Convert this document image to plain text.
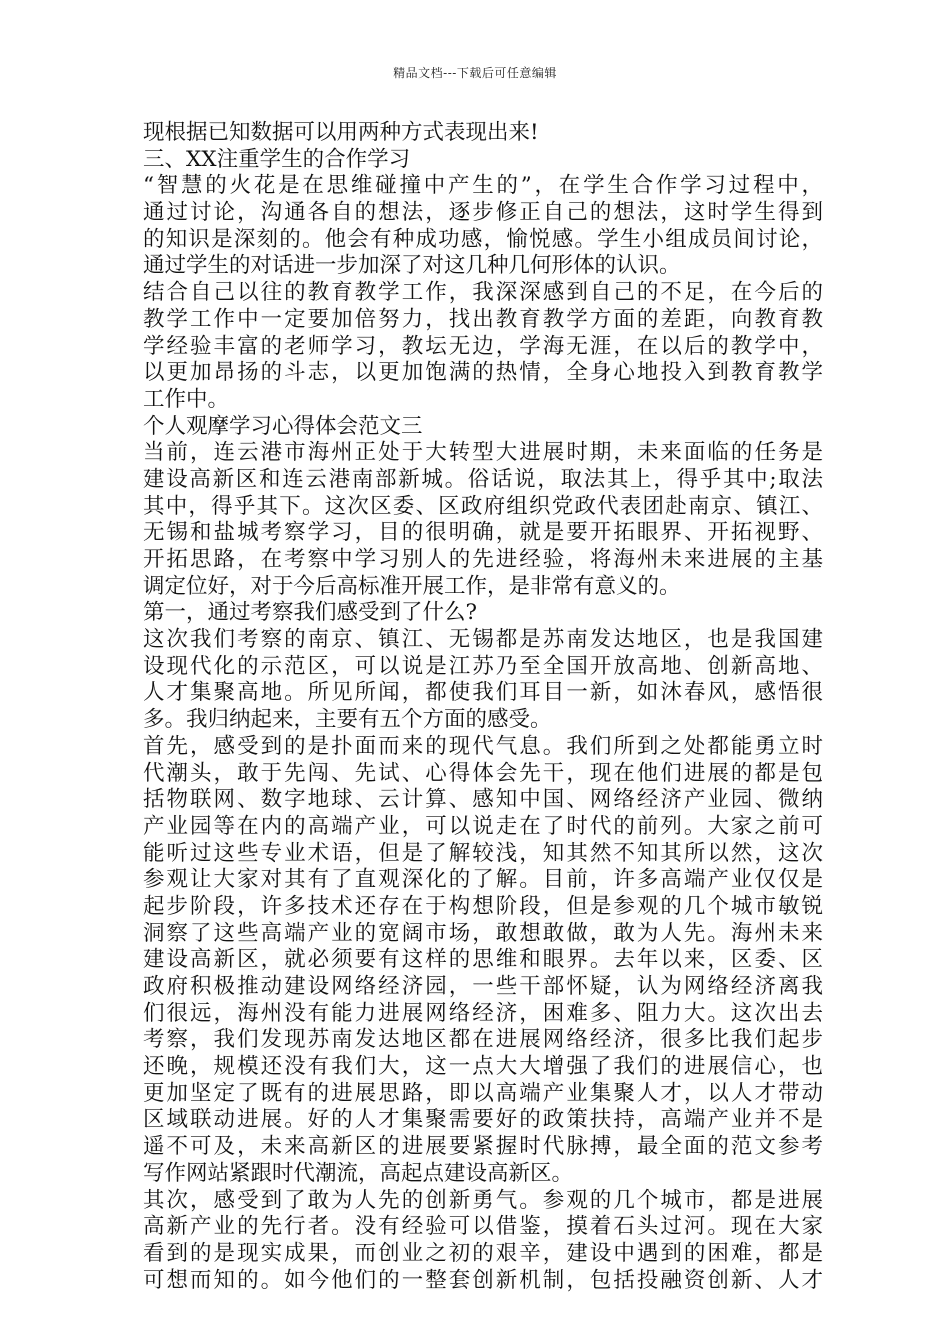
精品文档---下载后可任意编辑
现根据已知数据可以用两种方式表现出来!
三、XX注重学生的合作学习
“智慧的火花是在思维碰撞中产生的”，在学生合作学习过程中，
通过讨论，沟通各自的想法，逐步修正自己的想法，这时学生得到
的知识是深刻的。他会有种成功感，愉悦感。学生小组成员间讨论，
通过学生的对话进一步加深了对这几种几何形体的认识。
结合自己以往的教育教学工作，我深深感到自己的不足，在今后的
教学工作中一定要加倍努力，找出教育教学方面的差距，向教育教
学经验丰富的老师学习，教坛无边，学海无涯，在以后的教学中，
以更加昂扬的斗志，以更加饱满的热情，全身心地投入到教育教学
工作中。
个人观摩学习心得体会范文三
当前，连云港市海州正处于大转型大进展时期，未来面临的任务是
建设高新区和连云港南部新城。俗话说，取法其上，得乎其中;取法
其中，得乎其下。这次区委、区政府组织党政代表团赴南京、镇江、
无锡和盐城考察学习，目的很明确，就是要开拓眼界、开拓视野、
开拓思路，在考察中学习别人的先进经验，将海州未来进展的主基
调定位好，对于今后高标准开展工作，是非常有意义的。
第一，通过考察我们感受到了什么?
这次我们考察的南京、镇江、无锡都是苏南发达地区，也是我国建
设现代化的示范区，可以说是江苏乃至全国开放高地、创新高地、
人才集聚高地。所见所闻，都使我们耳目一新，如沐春风，感悟很
多。我归纳起来，主要有五个方面的感受。
首先，感受到的是扑面而来的现代气息。我们所到之处都能勇立时
代潮头，敢于先闯、先试、心得体会先干，现在他们进展的都是包
括物联网、数字地球、云计算、感知中国、网络经济产业园、微纳
产业园等在内的高端产业，可以说走在了时代的前列。大家之前可
能听过这些专业术语，但是了解较浅，知其然不知其所以然，这次
参观让大家对其有了直观深化的了解。目前，许多高端产业仅仅是
起步阶段，许多技术还存在于构想阶段，但是参观的几个城市敏锐
洞察了这些高端产业的宽阔市场，敢想敢做，敢为人先。海州未来
建设高新区，就必须要有这样的思维和眼界。去年以来，区委、区
政府积极推动建设网络经济园，一些干部怀疑，认为网络经济离我
们很远，海州没有能力进展网络经济，困难多、阻力大。这次出去
考察，我们发现苏南发达地区都在进展网络经济，很多比我们起步
还晚，规模还没有我们大，这一点大大增强了我们的进展信心，也
更加坚定了既有的进展思路，即以高端产业集聚人才，以人才带动
区域联动进展。好的人才集聚需要好的政策扶持，高端产业并不是
遥不可及，未来高新区的进展要紧握时代脉搏，最全面的范文参考
写作网站紧跟时代潮流，高起点建设高新区。
其次，感受到了敢为人先的创新勇气。参观的几个城市，都是进展
高新产业的先行者。没有经验可以借鉴，摸着石头过河。现在大家
看到的是现实成果，而创业之初的艰辛，建设中遇到的困难，都是
可想而知的。如今他们的一整套创新机制，包括投融资创新、人才
